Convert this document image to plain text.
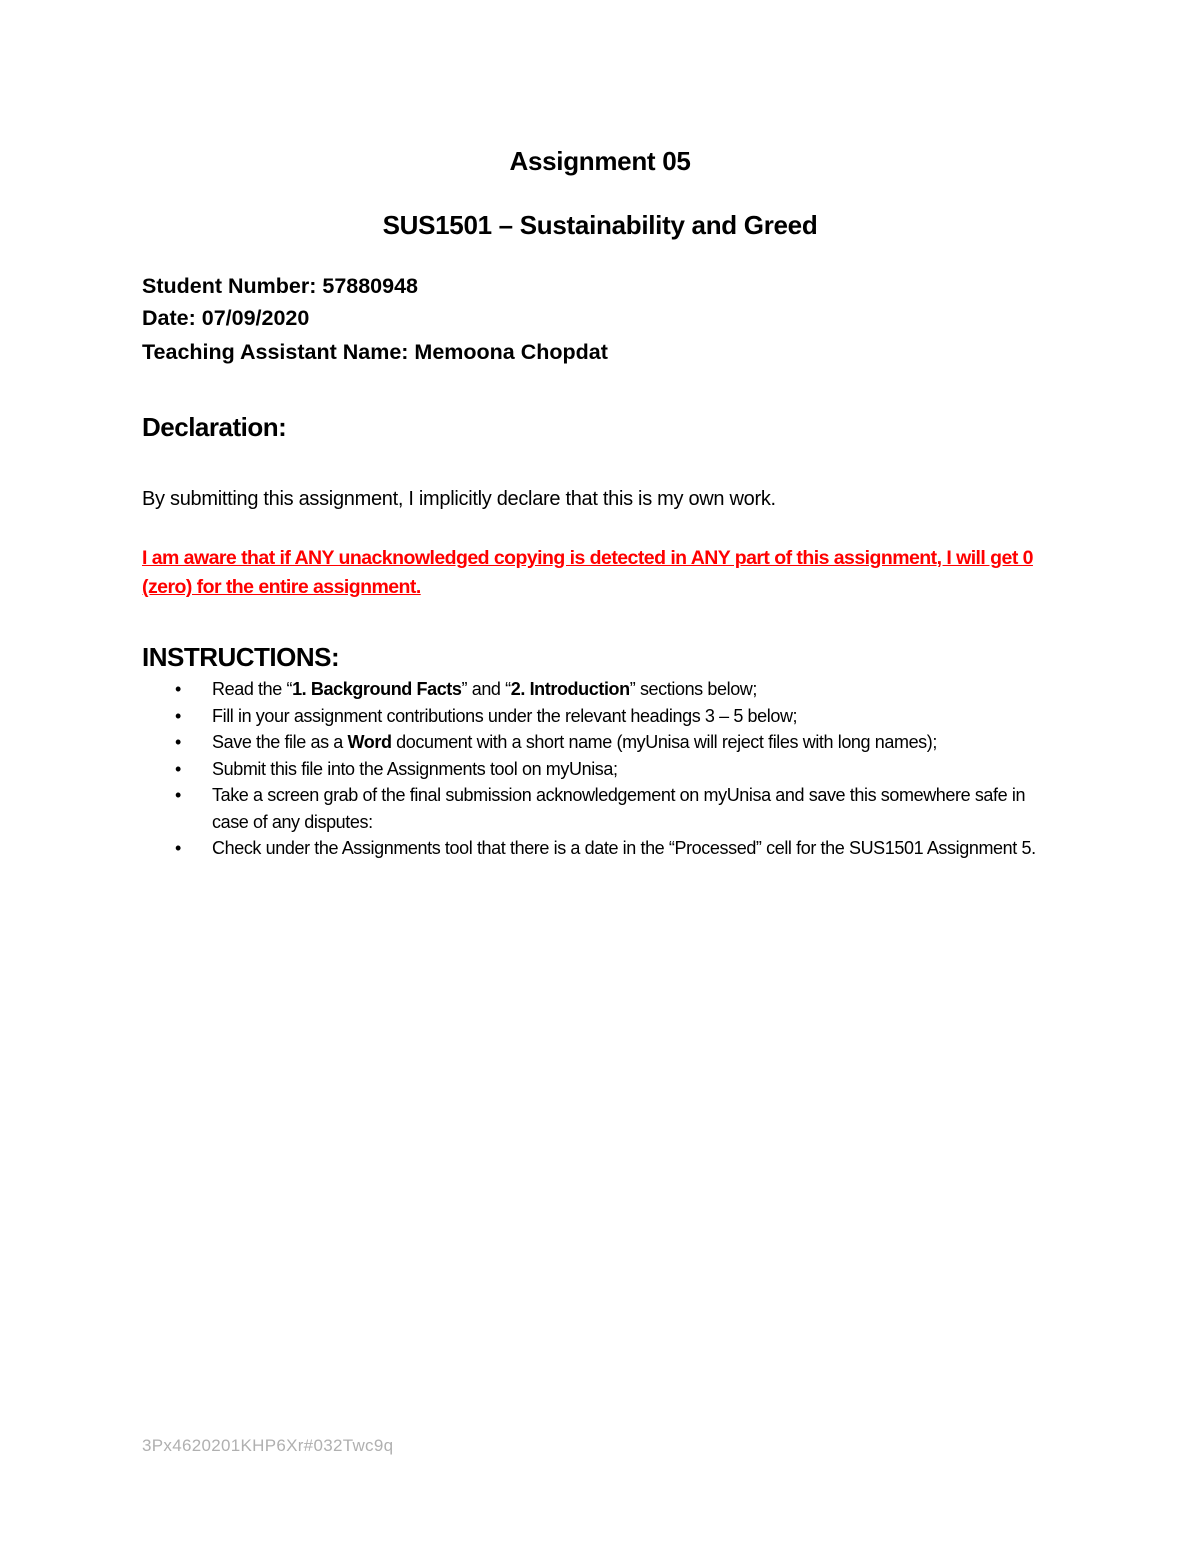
Assignment 05
SUS1501 – Sustainability and Greed
Student Number: 57880948
Date: 07/09/2020
Teaching Assistant Name: Memoona Chopdat
Declaration:
By submitting this assignment, I implicitly declare that this is my own work.
I am aware that if ANY unacknowledged copying is detected in ANY part of this assignment, I will get 0 (zero) for the entire assignment.
INSTRUCTIONS:
• Read the “1. Background Facts” and “2. Introduction” sections below;
• Fill in your assignment contributions under the relevant headings 3 – 5 below;
• Save the file as a Word document with a short name (myUnisa will reject files with long names);
• Submit this file into the Assignments tool on myUnisa;
• Take a screen grab of the final submission acknowledgement on myUnisa and save this somewhere safe in case of any disputes:
• Check under the Assignments tool that there is a date in the “Processed” cell for the SUS1501 Assignment 5.
3Px4620201KHP6Xr#032Twc9q
